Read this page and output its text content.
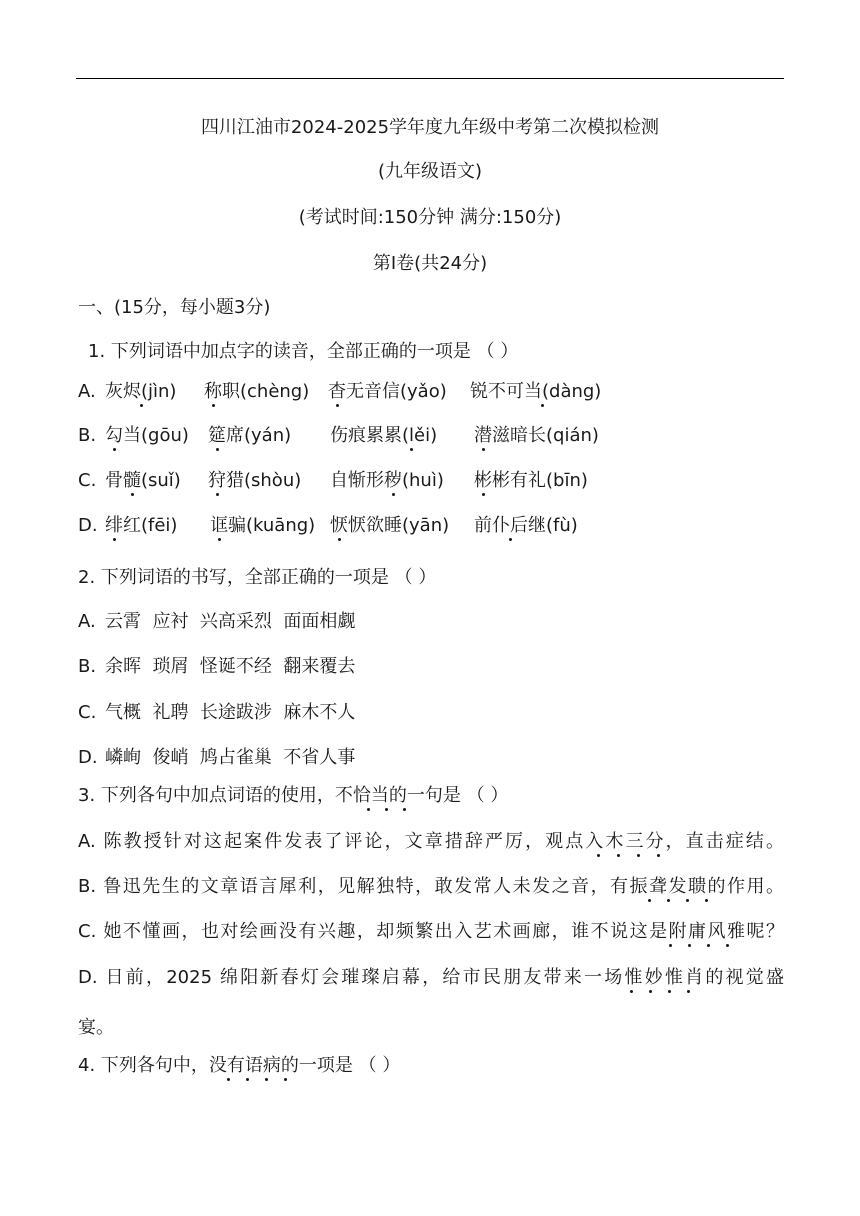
四川江油市2024-2025学年度九年级中考第二次模拟检测
(九年级语文)
(考试时间:150分钟 满分:150分)
第Ⅰ卷(共24分)
一、(15分，每小题3分)
1. 下列词语中加点字的读音，全部正确的一项是 （ ）
A. 灰烬(jìn) 称职(chèng) 杳无音信(yǎo) 锐不可当(dàng)
B. 勾当(gōu) 筵席(yán) 伤痕累累(lěi) 潜滋暗长(qián)
C. 骨髓(suǐ) 狩猎(shòu) 自惭形秽(huì) 彬彬有礼(bīn)
D. 绯红(fēi) 诓骗(kuāng) 恹恹欲睡(yān) 前仆后继(fù)
2. 下列词语的书写，全部正确的一项是 （ ）
A. 云霄  应衬  兴高采烈  面面相觑
B. 余晖  琐屑  怪诞不经  翻来覆去
C. 气概  礼聘  长途跋涉  麻木不人
D. 嶙峋  俊峭  鸠占雀巢  不省人事
3. 下列各句中加点词语的使用，不恰当的一句是 （ ）
A. 陈教授针对这起案件发表了评论，文章措辞严厉，观点入木三分，直击症结。
B. 鲁迅先生的文章语言犀利，见解独特，敢发常人未发之音，有振聋发聩的作用。
C. 她不懂画，也对绘画没有兴趣，却频繁出入艺术画廊，谁不说这是附庸风雅呢？
D. 日前，2025 绵阳新春灯会璀璨启幕，给市民朋友带来一场惟妙惟肖的视觉盛
宴。
4. 下列各句中，没有语病的一项是 （ ）
